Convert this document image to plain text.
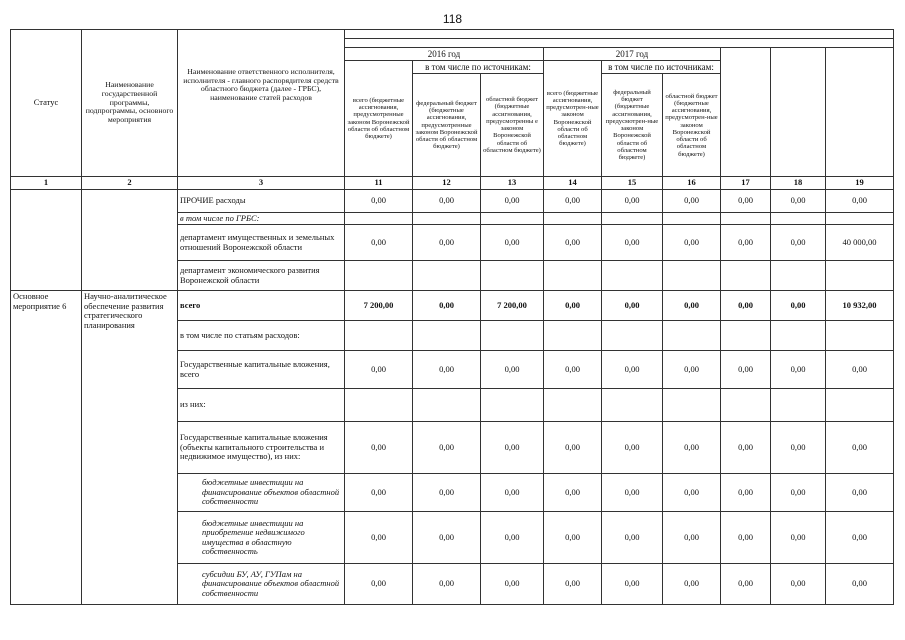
118
Статус	Наименование государственной программы, подпрограммы, основного мероприятия	Наименование ответственного исполнителя, исполнителя - главного распорядителя средств областного бюджета (далее - ГРБС), наименование статей расходов										

			2016 год			2017 год						
			всего (бюджетные ассигнования, предусмотренные законом Воронежской области об областном бюджете)	в том числе по источникам:		всего (бюджетные ассигнования, предусмотрен-ные законом Воронежской области об областном бюджете)	в том числе по источникам:					
				федеральный бюджет (бюджетные ассигнования, предусмотренные законом Воронежской области об областном бюджете)	областной бюджет (бюджетные ассигнования, предусмотренны е законом Воронежской области об областном бюджете)		федеральный бюджет (бюджетные ассигнования, предусмотрен-ные законом Воронежской области об областном бюджете)	областной бюджет (бюджетные ассигнования, предусмотрен-ные законом Воронежской области об областном бюджете)			
1	2	3	11	12	13	14	15	16	17	18	19	
		ПРОЧИЕ расходы	0,00	0,00	0,00	0,00	0,00	0,00	0,00	0,00	0,00	
		в том числе по ГРБС:										
		департамент имущественных и земельных отношений Воронежской области	0,00	0,00	0,00	0,00	0,00	0,00	0,00	0,00	40 000,00	
		департамент экономического развития Воронежской области										
Основное мероприятие 6	Научно-аналитическое обеспечение развития стратегического планирования	всего	7 200,00	0,00	7 200,00	0,00	0,00	0,00	0,00	0,00	10 932,00	
		в том числе по статьям расходов:										
		Государственные капитальные вложения, всего	0,00	0,00	0,00	0,00	0,00	0,00	0,00	0,00	0,00	
		из них:										
		Государственные капитальные вложения (объекты капитального строительства и недвижимое имущество), из них:	0,00	0,00	0,00	0,00	0,00	0,00	0,00	0,00	0,00	
		бюджетные инвестиции на финансирование объектов областной собственности	0,00	0,00	0,00	0,00	0,00	0,00	0,00	0,00	0,00	
		бюджетные инвестиции на приобретение недвижимого имущества в областную собственность	0,00	0,00	0,00	0,00	0,00	0,00	0,00	0,00	0,00	
		субсидии БУ, АУ, ГУПам на финансирование объектов областной собственности	0,00	0,00	0,00	0,00	0,00	0,00	0,00	0,00	0,00	
